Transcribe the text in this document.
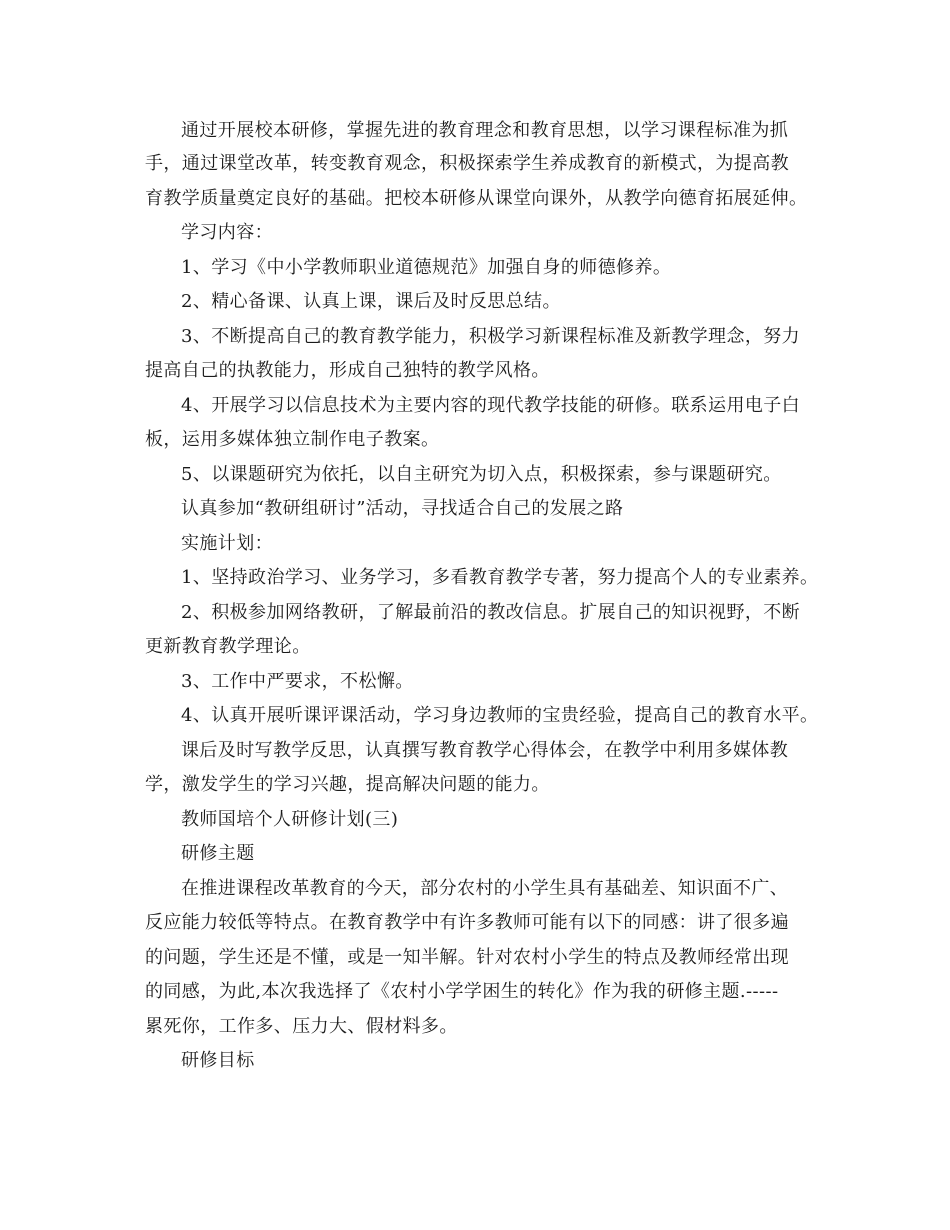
通过开展校本研修，掌握先进的教育理念和教育思想，以学习课程标准为抓
手，通过课堂改革，转变教育观念，积极探索学生养成教育的新模式，为提高教
育教学质量奠定良好的基础。把校本研修从课堂向课外，从教学向德育拓展延伸。
学习内容：
1、学习《中小学教师职业道德规范》加强自身的师德修养。
2、精心备课、认真上课，课后及时反思总结。
3、不断提高自己的教育教学能力，积极学习新课程标准及新教学理念，努力
提高自己的执教能力，形成自己独特的教学风格。
4、开展学习以信息技术为主要内容的现代教学技能的研修。联系运用电子白
板，运用多媒体独立制作电子教案。
5、以课题研究为依托，以自主研究为切入点，积极探索，参与课题研究。
认真参加“教研组研讨”活动，寻找适合自己的发展之路
实施计划：
1、坚持政治学习、业务学习，多看教育教学专著，努力提高个人的专业素养。
2、积极参加网络教研，了解最前沿的教改信息。扩展自己的知识视野，不断
更新教育教学理论。
3、工作中严要求，不松懈。
4、认真开展听课评课活动，学习身边教师的宝贵经验，提高自己的教育水平。
课后及时写教学反思，认真撰写教育教学心得体会，在教学中利用多媒体教
学，激发学生的学习兴趣，提高解决问题的能力。
教师国培个人研修计划(三)
研修主题
在推进课程改革教育的今天，部分农村的小学生具有基础差、知识面不广、
反应能力较低等特点。在教育教学中有许多教师可能有以下的同感：讲了很多遍
的问题，学生还是不懂，或是一知半解。针对农村小学生的特点及教师经常出现
的同感，为此,本次我选择了《农村小学学困生的转化》作为我的研修主题.-----
累死你，工作多、压力大、假材料多。
研修目标
